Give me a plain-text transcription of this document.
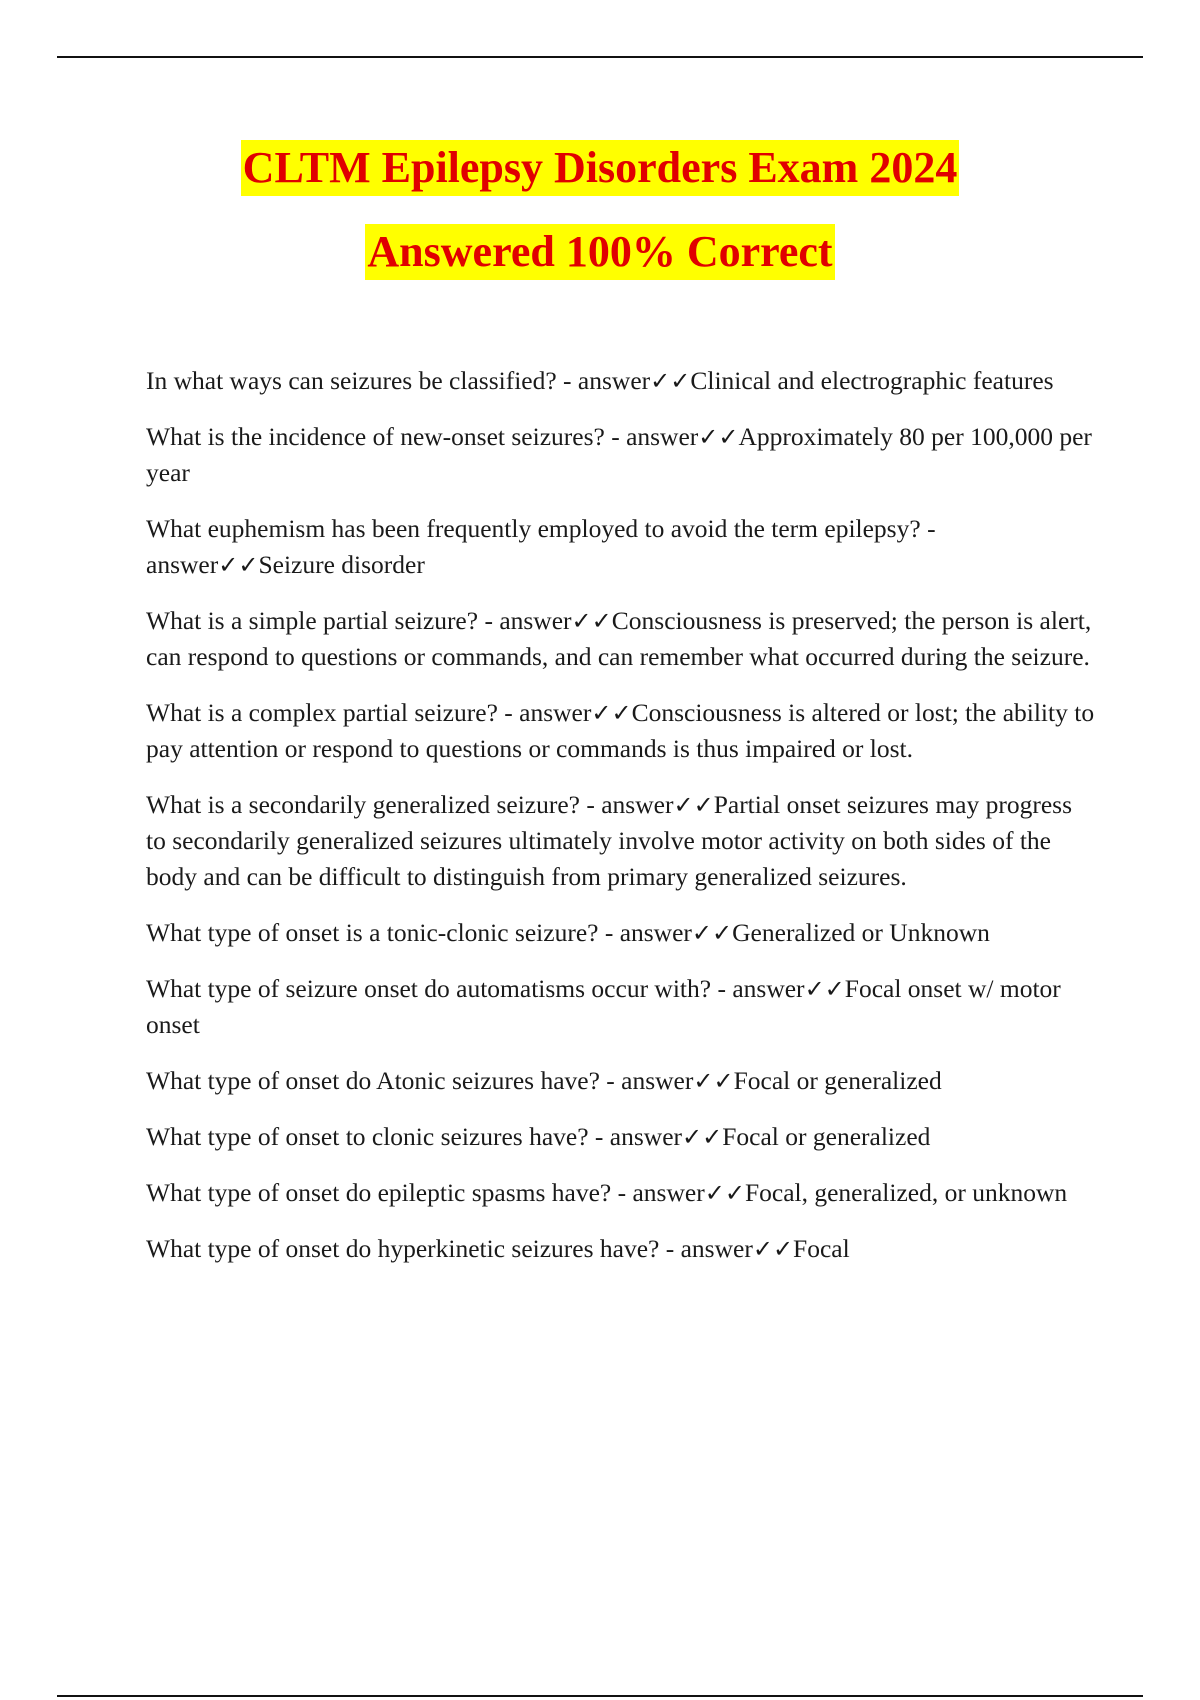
CLTM Epilepsy Disorders Exam 2024
Answered 100% Correct
In what ways can seizures be classified? - answer✓✓Clinical and electrographic features
What is the incidence of new-onset seizures? - answer✓✓Approximately 80 per 100,000 per year
What euphemism has been frequently employed to avoid the term epilepsy? - answer✓✓Seizure disorder
What is a simple partial seizure? - answer✓✓Consciousness is preserved; the person is alert, can respond to questions or commands, and can remember what occurred during the seizure.
What is a complex partial seizure? - answer✓✓Consciousness is altered or lost; the ability to pay attention or respond to questions or commands is thus impaired or lost.
What is a secondarily generalized seizure? - answer✓✓Partial onset seizures may progress to secondarily generalized seizures ultimately involve motor activity on both sides of the body and can be difficult to distinguish from primary generalized seizures.
What type of onset is a tonic-clonic seizure? - answer✓✓Generalized or Unknown
What type of seizure onset do automatisms occur with? - answer✓✓Focal onset w/ motor onset
What type of onset do Atonic seizures have? - answer✓✓Focal or generalized
What type of onset to clonic seizures have? - answer✓✓Focal or generalized
What type of onset do epileptic spasms have? - answer✓✓Focal, generalized, or unknown
What type of onset do hyperkinetic seizures have? - answer✓✓Focal
